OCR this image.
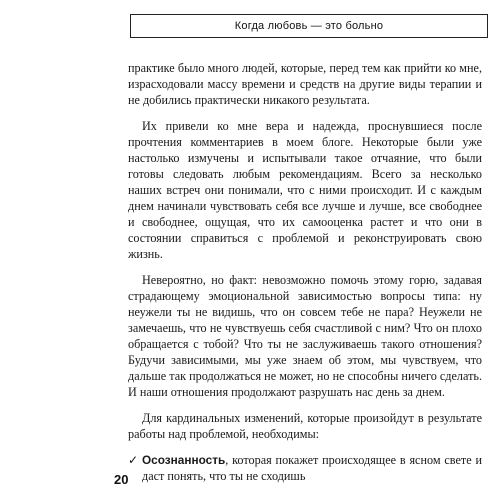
Когда любовь — это больно

практике было много людей, которые, перед тем как прийти ко мне, израсходовали массу времени и средств на другие виды терапии и не добились практически никакого результата.

Их привели ко мне вера и надежда, проснувшиеся после прочтения комментариев в моем блоге. Некоторые были уже настолько измучены и испытывали такое отчаяние, что были готовы следовать любым рекомендациям. Всего за несколько наших встреч они понимали, что с ними происходит. И с каждым днем начинали чувствовать себя все лучше и лучше, все свободнее и свободнее, ощущая, что их самооценка растет и что они в состоянии справиться с проблемой и реконструировать свою жизнь.

Невероятно, но факт: невозможно помочь этому горю, задавая страдающему эмоциональной зависимостью вопросы типа: ну неужели ты не видишь, что он совсем тебе не пара? Неужели не замечаешь, что не чувствуешь себя счастливой с ним? Что он плохо обращается с тобой? Что ты не заслуживаешь такого отношения? Будучи зависимыми, мы уже знаем об этом, мы чувствуем, что дальше так продолжаться не может, но не способны ничего сделать. И наши отношения продолжают разрушать нас день за днем.

Для кардинальных изменений, которые произойдут в результате работы над проблемой, необходимы:

✓ Осознанность, которая покажет происходящее в ясном свете и даст понять, что ты не сходишь
20
